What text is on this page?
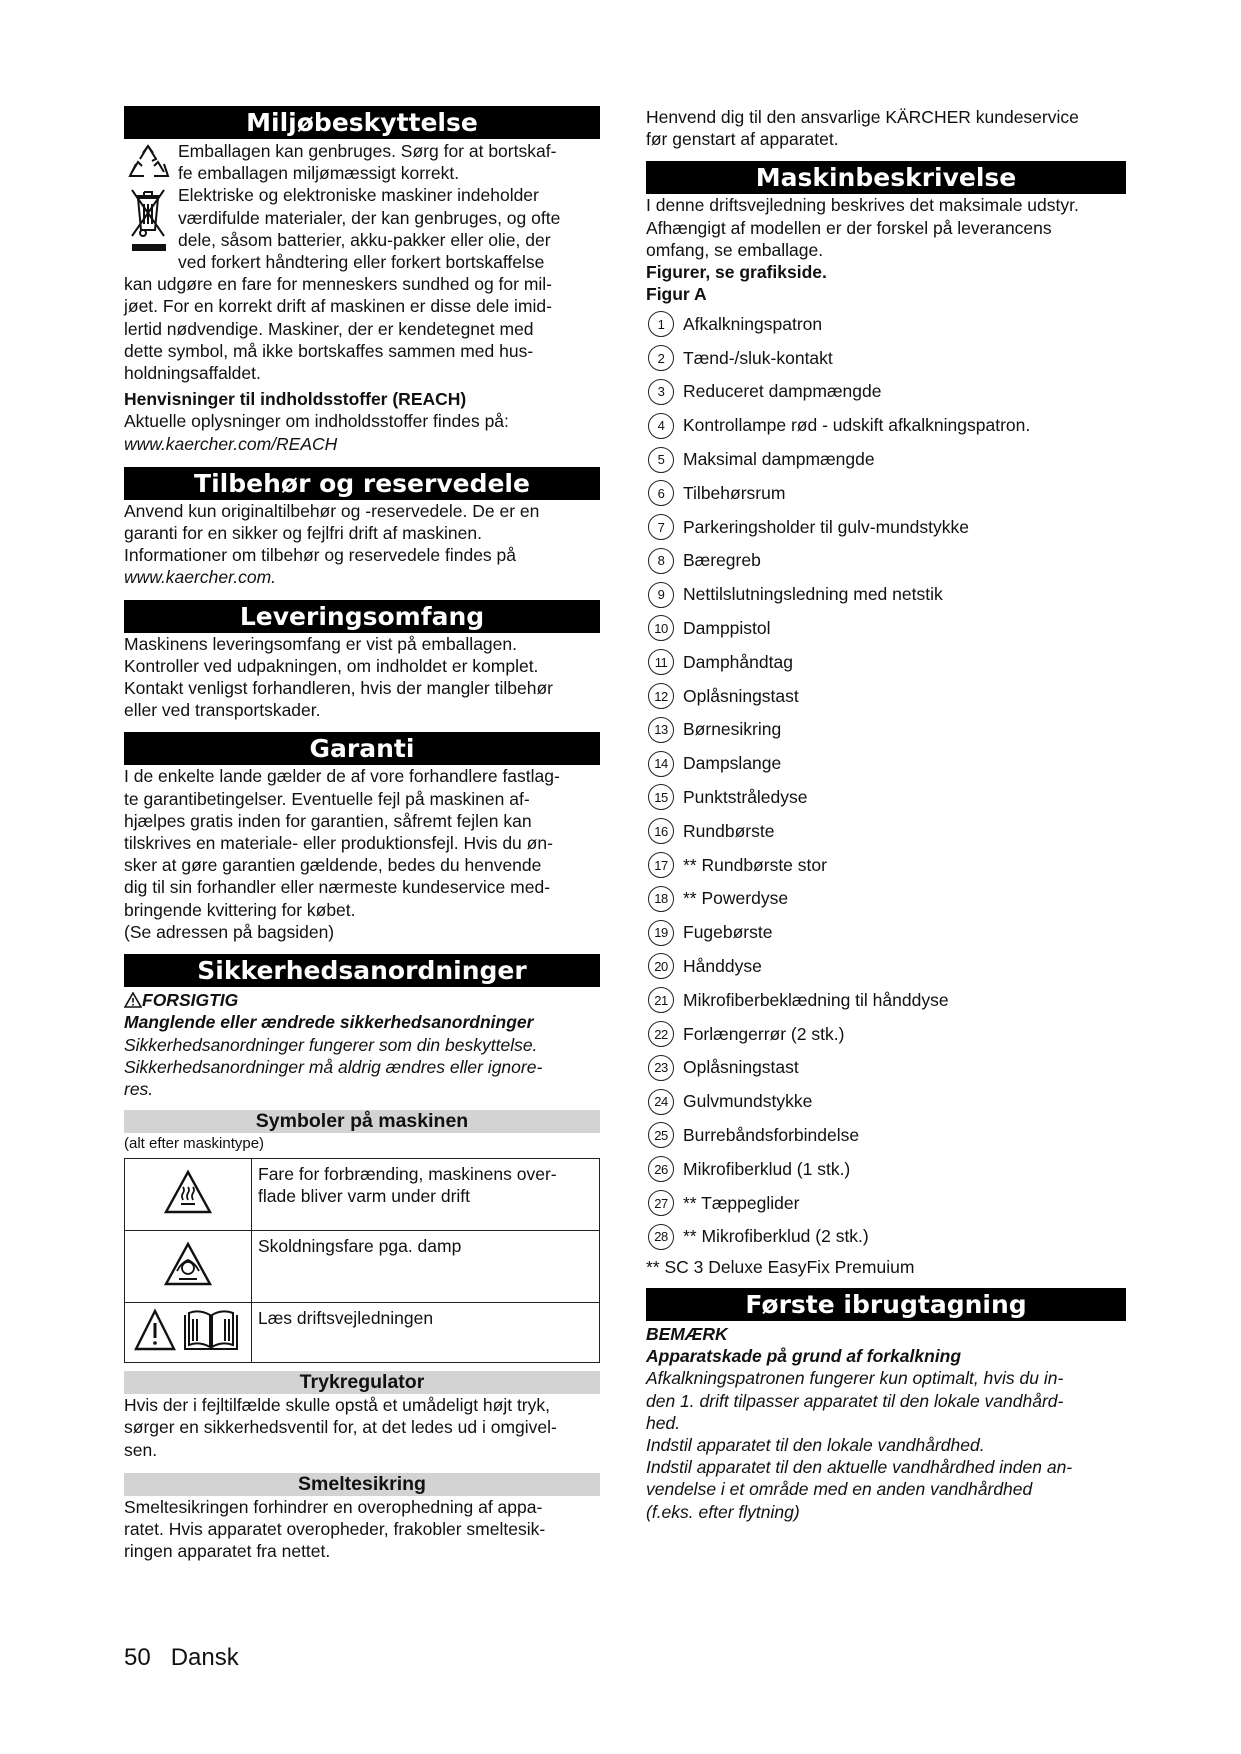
Miljøbeskyttelse
Emballagen kan genbruges. Sørg for at bortskaf-
fe emballagen miljømæssigt korrekt.
Elektriske og elektroniske maskiner indeholder
værdifulde materialer, der kan genbruges, og ofte
dele, såsom batterier, akku-pakker eller olie, der
ved forkert håndtering eller forkert bortskaffelse

kan udgøre en fare for menneskers sundhed og for mil-
jøet. For en korrekt drift af maskinen er disse dele imid-
lertid nødvendige. Maskiner, der er kendetegnet med
dette symbol, må ikke bortskaffes sammen med hus-
holdningsaffaldet.

Henvisninger til indholdsstoffer (REACH)

Aktuelle oplysninger om indholdsstoffer findes på:

www.kaercher.com/REACH

Tilbehør og reservedele

Anvend kun originaltilbehør og -reservedele. De er en
garanti for en sikker og fejlfri drift af maskinen.
Informationer om tilbehør og reservedele findes på

www.kaercher.com.

Leveringsomfang

Maskinens leveringsomfang er vist på emballagen.
Kontroller ved udpakningen, om indholdet er komplet.
Kontakt venligst forhandleren, hvis der mangler tilbehør
eller ved transportskader.

Garanti

I de enkelte lande gælder de af vore forhandlere fastlag-
te garantibetingelser. Eventuelle fejl på maskinen af-
hjælpes gratis inden for garantien, såfremt fejlen kan
tilskrives en materiale- eller produktionsfejl. Hvis du øn-
sker at gøre garantien gældende, bedes du henvende
dig til sin forhandler eller nærmeste kundeservice med-
bringende kvittering for købet.
(Se adressen på bagsiden)

Sikkerhedsanordninger

FORSIGTIG

Manglende eller ændrede sikkerhedsanordninger

Sikkerhedsanordninger fungerer som din beskyttelse.
Sikkerhedsanordninger må aldrig ændres eller ignore-
res.

Symboler på maskinen

(alt efter maskintype)

Fare for forbrænding, maskinens over-
flade bliver varm under drift

Skoldningsfare pga. damp

Læs driftsvejledningen
Trykregulator

Hvis der i fejltilfælde skulle opstå et umådeligt højt tryk,
sørger en sikkerhedsventil for, at det ledes ud i omgivel-
sen.

Smeltesikring

Smeltesikringen forhindrer en overophedning af appa-
ratet. Hvis apparatet overopheder, frakobler smeltesik-
ringen apparatet fra nettet.

Henvend dig til den ansvarlige KÄRCHER kundeservice
før genstart af apparatet.

Maskinbeskrivelse

I denne driftsvejledning beskrives det maksimale udstyr.
Afhængigt af modellen er der forskel på leverancens
omfang, se emballage.

Figurer, se grafikside.

Figur A

1	Afkalkningspatron
2	Tænd-/sluk-kontakt
3	Reduceret dampmængde
4	Kontrollampe rød - udskift afkalkningspatron.
5	Maksimal dampmængde
6	Tilbehørsrum
7	Parkeringsholder til gulv-mundstykke
8	Bæregreb
9	Nettilslutningsledning med netstik
10 Damppistol
11 Damphåndtag
12 Oplåsningstast
13 Børnesikring
14 Dampslange
15 Punktstråledyse
16 Rundbørste
17 ** Rundbørste stor
18 ** Powerdyse
19 Fugebørste
20 Hånddyse
21 Mikrofiberbeklædning til hånddyse
22 Forlængerrør (2 stk.)
23 Oplåsningstast
24 Gulvmundstykke
25 Burrebåndsforbindelse
26 Mikrofiberklud (1 stk.)
27 ** Tæppeglider
28 ** Mikrofiberklud (2 stk.)

** SC 3 Deluxe EasyFix Premuium

Første ibrugtagning

BEMÆRK

Apparatskade på grund af forkalkning

Afkalkningspatronen fungerer kun optimalt, hvis du in-
den 1. drift tilpasser apparatet til den lokale vandhård-
hed.
Indstil apparatet til den lokale vandhårdhed.
Indstil apparatet til den aktuelle vandhårdhed inden an-
vendelse i et område med en anden vandhårdhed
(f.eks. efter flytning)

50 Dansk
